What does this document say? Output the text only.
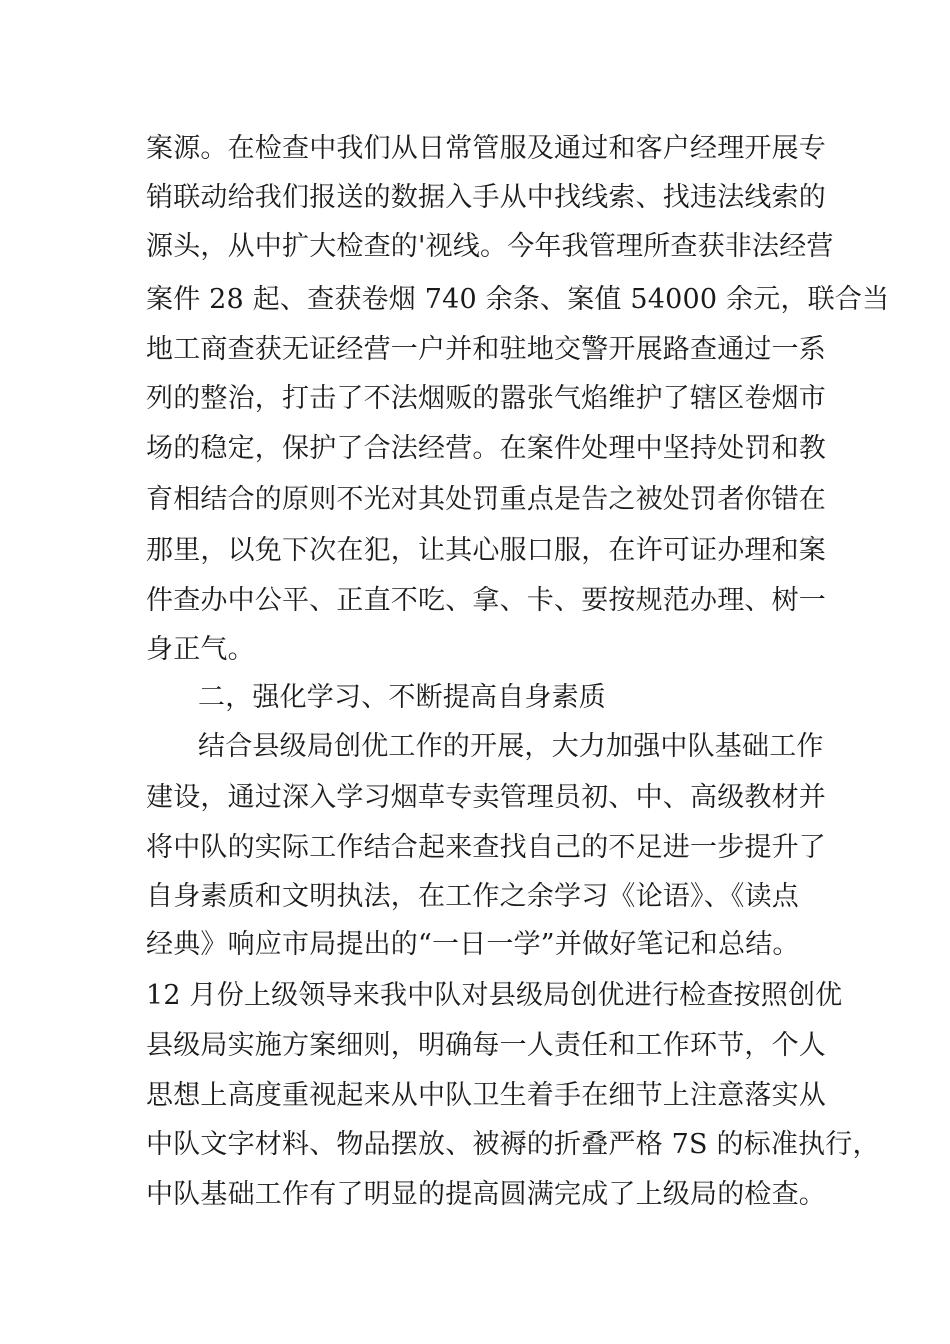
案源。在检查中我们从日常管服及通过和客户经理开展专
销联动给我们报送的数据入手从中找线索、找违法线索的
源头，从中扩大检查的'视线。今年我管理所查获非法经营
案件 28 起、查获卷烟 740 余条、案值 54000 余元，联合当
地工商查获无证经营一户并和驻地交警开展路查通过一系
列的整治，打击了不法烟贩的嚣张气焰维护了辖区卷烟市
场的稳定，保护了合法经营。在案件处理中坚持处罚和教
育相结合的原则不光对其处罚重点是告之被处罚者你错在
那里，以免下次在犯，让其心服口服，在许可证办理和案
件查办中公平、正直不吃、拿、卡、要按规范办理、树一
身正气。
二，强化学习、不断提高自身素质
结合县级局创优工作的开展，大力加强中队基础工作
建设，通过深入学习烟草专卖管理员初、中、高级教材并
将中队的实际工作结合起来查找自己的不足进一步提升了
自身素质和文明执法，在工作之余学习《论语》、《读点
经典》响应市局提出的“一日一学”并做好笔记和总结。
12 月份上级领导来我中队对县级局创优进行检查按照创优
县级局实施方案细则，明确每一人责任和工作环节，个人
思想上高度重视起来从中队卫生着手在细节上注意落实从
中队文字材料、物品摆放、被褥的折叠严格 7S 的标准执行，
中队基础工作有了明显的提高圆满完成了上级局的检查。
